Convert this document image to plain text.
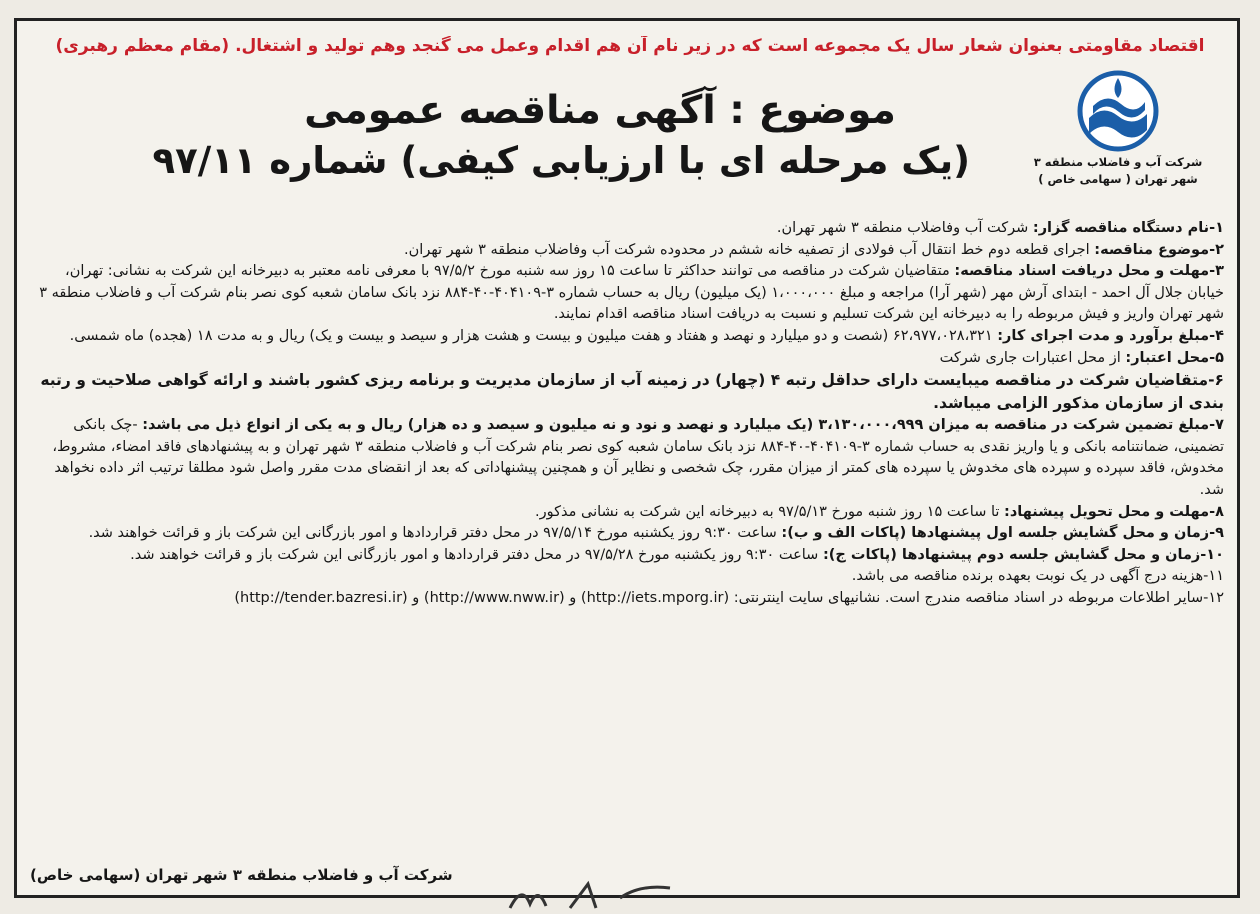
اقتصاد مقاومتی بعنوان شعار سال یک مجموعه است که در زیر نام آن هم اقدام وعمل می گنجد وهم تولید و اشتغال. (مقام معظم رهبری)
شرکت آب و فاضلاب منطقه ۳
شهر تهران ( سهامی خاص )
موضوع : آگهی مناقصه عمومی
(یک مرحله ای با ارزیابی کیفی) شماره ۹۷/۱۱

۱-نام دستگاه مناقصه گزار: شرکت آب وفاضلاب منطقه ۳ شهر تهران.

۲-موضوع مناقصه: اجرای قطعه دوم خط انتقال آب فولادی از تصفیه خانه ششم در محدوده شرکت آب وفاضلاب منطقه ۳ شهر تهران.

۳-مهلت و محل دریافت اسناد مناقصه: متقاضیان شرکت در مناقصه می توانند حداکثر تا ساعت ۱۵ روز سه شنبه مورخ ۹۷/۵/۲ با معرفی نامه معتبر به دبیرخانه این شرکت به نشانی: تهران، خیابان جلال آل احمد - ابتدای آرش مهر (شهر آرا) مراجعه و مبلغ ۱،۰۰۰،۰۰۰ (یک میلیون) ریال به حساب شماره ۳-۴۰۴۱۰۹-۴۰-۸۸۴ نزد بانک سامان شعبه کوی نصر بنام شرکت آب و فاضلاب منطقه ۳ شهر تهران واریز و فیش مربوطه را به دبیرخانه این شرکت تسلیم و نسبت به دریافت اسناد مناقصه اقدام نمایند.

۴-مبلغ برآورد و مدت اجرای کار: ۶۲،۹۷۷،۰۲۸،۳۲۱ (شصت و دو میلیارد و نهصد و هفتاد و هفت میلیون و بیست و هشت هزار و سیصد و بیست و یک) ریال و به مدت ۱۸ (هجده) ماه شمسی.

۵-محل اعتبار: از محل اعتبارات جاری شرکت

۶-متقاضیان شرکت در مناقصه میبایست دارای حداقل رتبه ۴ (چهار) در زمینه آب از سازمان مدیریت و برنامه ریزی کشور باشند و ارائه گواهی صلاحیت و رتبه بندی از سازمان مذکور الزامی میباشد.

۷-مبلغ تضمین شرکت در مناقصه به میزان ۳،۱۳۰،۰۰۰،۹۹۹ (یک میلیارد و نهصد و نود و نه میلیون و سیصد و ده هزار) ریال و به یکی از انواع ذیل می باشد: -چک بانکی تضمینی، ضمانتنامه بانکی و یا واریز نقدی به حساب شماره ۳-۴۰۴۱۰۹-۴۰-۸۸۴ نزد بانک سامان شعبه کوی نصر بنام شرکت آب و فاضلاب منطقه ۳ شهر تهران و به پیشنهادهای فاقد امضاء، مشروط، مخدوش، فاقد سپرده و سپرده های مخدوش یا سپرده های کمتر از میزان مقرر، چک شخصی و نظایر آن و همچنین پیشنهاداتی که بعد از انقضای مدت مقرر واصل شود مطلقا ترتیب اثر داده نخواهد شد.

۸-مهلت و محل تحویل پیشنهاد: تا ساعت ۱۵ روز شنبه مورخ ۹۷/۵/۱۳ به دبیرخانه این شرکت به نشانی مذکور.

۹-زمان و محل گشایش جلسه اول پیشنهادها (پاکات الف و ب): ساعت ۹:۳۰ روز یکشنبه مورخ ۹۷/۵/۱۴ در محل دفتر قراردادها و امور بازرگانی این شرکت باز و قرائت خواهند شد.

۱۰-زمان و محل گشایش جلسه دوم پیشنهادها (پاکات ج): ساعت ۹:۳۰ روز یکشنبه مورخ ۹۷/۵/۲۸ در محل دفتر قراردادها و امور بازرگانی این شرکت باز و قرائت خواهند شد.

۱۱-هزینه درج آگهی در یک نوبت بعهده برنده مناقصه می باشد.

۱۲-سایر اطلاعات مربوطه در اسناد مناقصه مندرج است. نشانیهای سایت اینترنتی: (http://iets.mporg.ir) و (http://www.nww.ir) و (http://tender.bazresi.ir)

شرکت آب و فاضلاب منطقه ۳ شهر تهران (سهامی خاص)
